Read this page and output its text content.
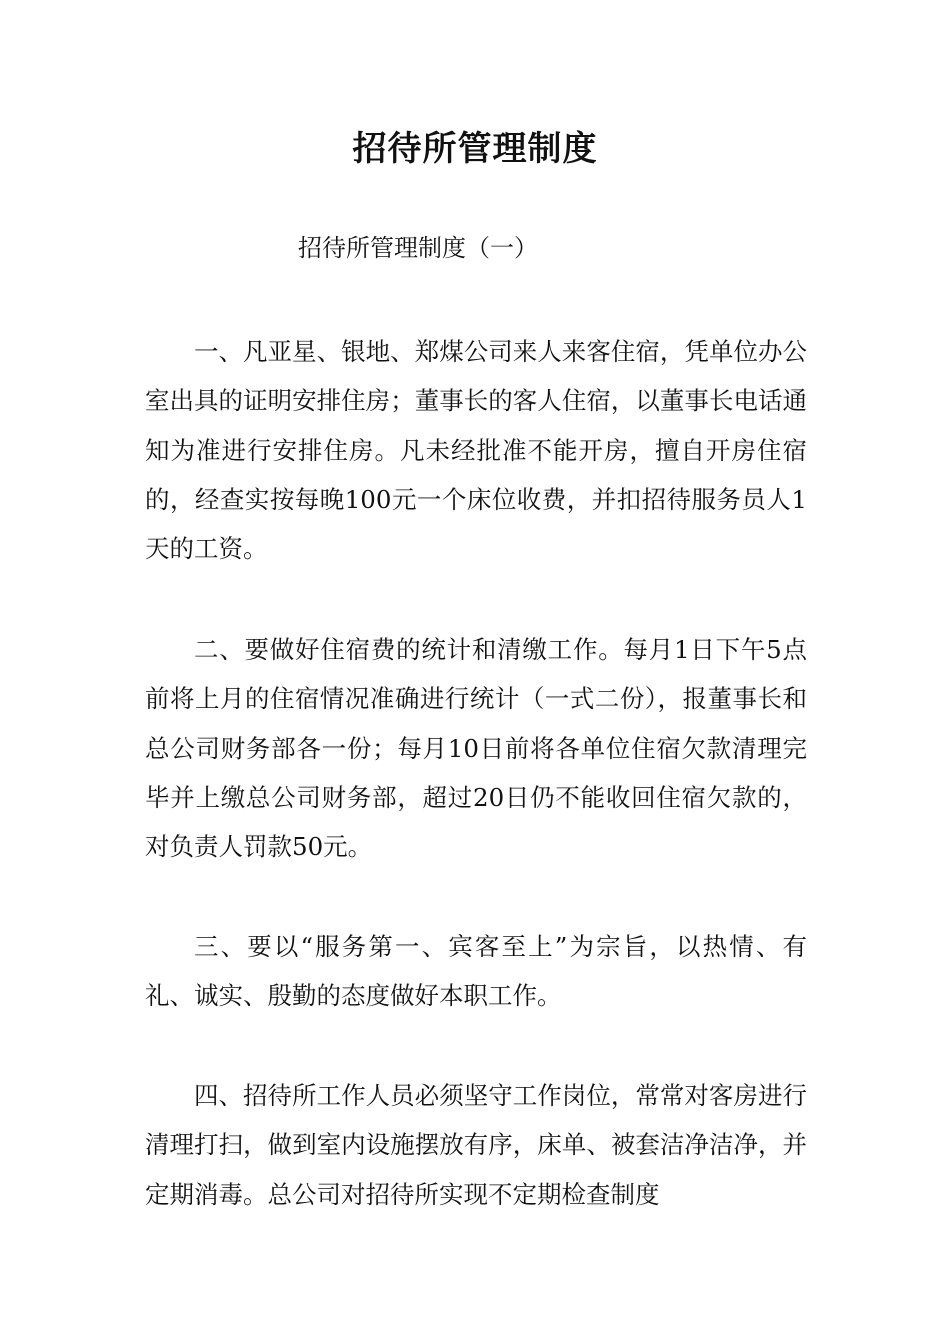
招待所管理制度

招待所管理制度（一）

一、凡亚星、银地、郑煤公司来人来客住宿，凭单位办公室出具的证明安排住房；董事长的客人住宿，以董事长电话通知为准进行安排住房。凡未经批准不能开房，擅自开房住宿的，经查实按每晚100元一个床位收费，并扣招待服务员人1天的工资。

二、要做好住宿费的统计和清缴工作。每月1日下午5点前将上月的住宿情况准确进行统计（一式二份），报董事长和总公司财务部各一份；每月10日前将各单位住宿欠款清理完毕并上缴总公司财务部，超过20日仍不能收回住宿欠款的，对负责人罚款50元。

三、要以“服务第一、宾客至上”为宗旨，以热情、有礼、诚实、殷勤的态度做好本职工作。

四、招待所工作人员必须坚守工作岗位，常常对客房进行清理打扫，做到室内设施摆放有序，床单、被套洁净洁净，并定期消毒。总公司对招待所实现不定期检查制度
